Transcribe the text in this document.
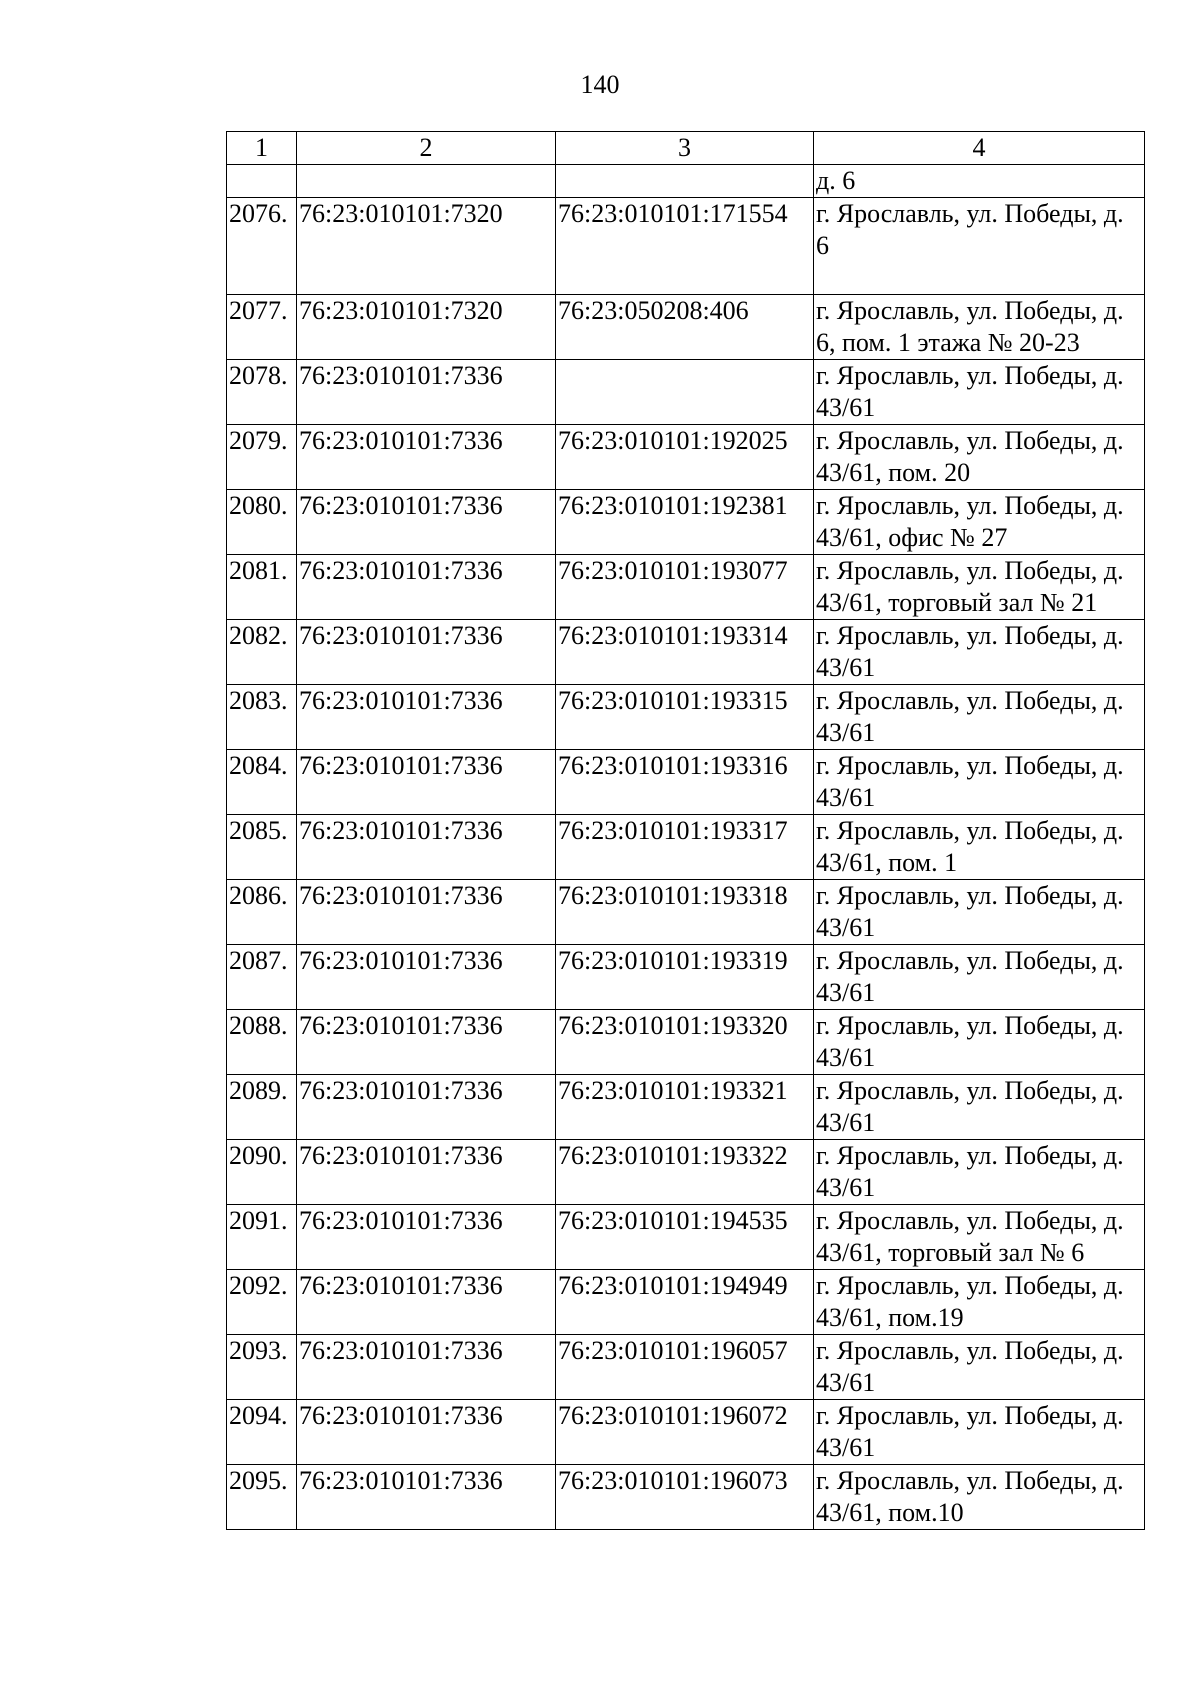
140
1	2	3	4
			д. 6
2076.	76:23:010101:7320	76:23:010101:171554	г. Ярославль, ул. Победы, д. 6
2077.	76:23:010101:7320	76:23:050208:406	г. Ярославль, ул. Победы, д. 6, пом. 1 этажа № 20-23
2078.	76:23:010101:7336		г. Ярославль, ул. Победы, д. 43/61
2079.	76:23:010101:7336	76:23:010101:192025	г. Ярославль, ул. Победы, д. 43/61, пом. 20
2080.	76:23:010101:7336	76:23:010101:192381	г. Ярославль, ул. Победы, д. 43/61, офис № 27
2081.	76:23:010101:7336	76:23:010101:193077	г. Ярославль, ул. Победы, д. 43/61, торговый зал № 21
2082.	76:23:010101:7336	76:23:010101:193314	г. Ярославль, ул. Победы, д. 43/61
2083.	76:23:010101:7336	76:23:010101:193315	г. Ярославль, ул. Победы, д. 43/61
2084.	76:23:010101:7336	76:23:010101:193316	г. Ярославль, ул. Победы, д. 43/61
2085.	76:23:010101:7336	76:23:010101:193317	г. Ярославль, ул. Победы, д. 43/61, пом. 1
2086.	76:23:010101:7336	76:23:010101:193318	г. Ярославль, ул. Победы, д. 43/61
2087.	76:23:010101:7336	76:23:010101:193319	г. Ярославль, ул. Победы, д. 43/61
2088.	76:23:010101:7336	76:23:010101:193320	г. Ярославль, ул. Победы, д. 43/61
2089.	76:23:010101:7336	76:23:010101:193321	г. Ярославль, ул. Победы, д. 43/61
2090.	76:23:010101:7336	76:23:010101:193322	г. Ярославль, ул. Победы, д. 43/61
2091.	76:23:010101:7336	76:23:010101:194535	г. Ярославль, ул. Победы, д. 43/61, торговый зал № 6
2092.	76:23:010101:7336	76:23:010101:194949	г. Ярославль, ул. Победы, д. 43/61, пом.19
2093.	76:23:010101:7336	76:23:010101:196057	г. Ярославль, ул. Победы, д. 43/61
2094.	76:23:010101:7336	76:23:010101:196072	г. Ярославль, ул. Победы, д. 43/61
2095.	76:23:010101:7336	76:23:010101:196073	г. Ярославль, ул. Победы, д. 43/61, пом.10
